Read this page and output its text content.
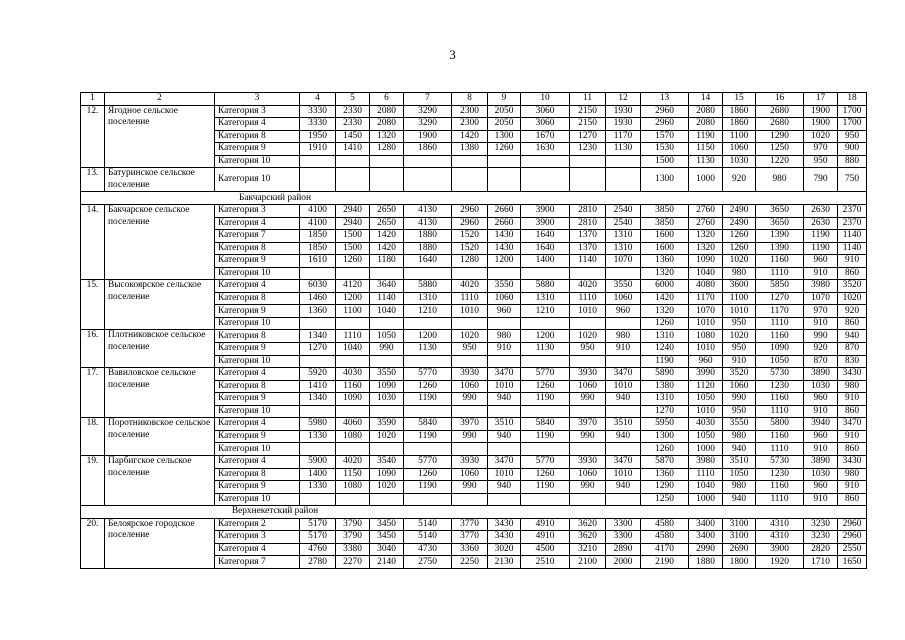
3
1	2	3	4	5	6	7	8	9	10	11	12	13	14	15	16	17	18
12.	Ягодное сельское поселение	Категория 3	3330	2330	2080	3290	2300	2050	3060	2150	1930	2960	2080	1860	2680	1900	1700
		Категория 4	3330	2330	2080	3290	2300	2050	3060	2150	1930	2960	2080	1860	2680	1900	1700
		Категория 8	1950	1450	1320	1900	1420	1300	1670	1270	1170	1570	1190	1100	1290	1020	950
		Категория 9	1910	1410	1280	1860	1380	1260	1630	1230	1130	1530	1150	1060	1250	970	900
		Категория 10										1500	1130	1030	1220	950	880
13.	Батуринское сельское поселение	Категория 10										1300	1000	920	980	790	750
		Бакчарский район															
14.	Бакчарское сельское поселение	Категория 3	4100	2940	2650	4130	2960	2660	3900	2810	2540	3850	2760	2490	3650	2630	2370
		Категория 4	4100	2940	2650	4130	2960	2660	3900	2810	2540	3850	2760	2490	3650	2630	2370
		Категория 7	1850	1500	1420	1880	1520	1430	1640	1370	1310	1600	1320	1260	1390	1190	1140
		Категория 8	1850	1500	1420	1880	1520	1430	1640	1370	1310	1600	1320	1260	1390	1190	1140
		Категория 9	1610	1260	1180	1640	1280	1200	1400	1140	1070	1360	1090	1020	1160	960	910
		Категория 10										1320	1040	980	1110	910	860
15.	Высокоярское сельское поселение	Категория 4	6030	4120	3640	5880	4020	3550	5880	4020	3550	6000	4080	3600	5850	3980	3520
		Категория 8	1460	1200	1140	1310	1110	1060	1310	1110	1060	1420	1170	1100	1270	1070	1020
		Категория 9	1360	1100	1040	1210	1010	960	1210	1010	960	1320	1070	1010	1170	970	920
		Категория 10										1260	1010	950	1110	910	860
16.	Плотниковское сельское поселение	Категория 8	1340	1110	1050	1200	1020	980	1200	1020	980	1310	1080	1020	1160	990	940
		Категория 9	1270	1040	990	1130	950	910	1130	950	910	1240	1010	950	1090	920	870
		Категория 10										1190	960	910	1050	870	830
17.	Вавиловское сельское поселение	Категория 4	5920	4030	3550	5770	3930	3470	5770	3930	3470	5890	3990	3520	5730	3890	3430
		Категория 8	1410	1160	1090	1260	1060	1010	1260	1060	1010	1380	1120	1060	1230	1030	980
		Категория 9	1340	1090	1030	1190	990	940	1190	990	940	1310	1050	990	1160	960	910
		Категория 10										1270	1010	950	1110	910	860
18.	Поротниковское сельское поселение	Категория 4	5980	4060	3590	5840	3970	3510	5840	3970	3510	5950	4030	3550	5800	3940	3470
		Категория 9	1330	1080	1020	1190	990	940	1190	990	940	1300	1050	980	1160	960	910
		Категория 10										1260	1000	940	1110	910	860
19.	Парбигское сельское поселение	Категория 4	5900	4020	3540	5770	3930	3470	5770	3930	3470	5870	3980	3510	5730	3890	3430
		Категория 8	1400	1150	1090	1260	1060	1010	1260	1060	1010	1360	1110	1050	1230	1030	980
		Категория 9	1330	1080	1020	1190	990	940	1190	990	940	1290	1040	980	1160	960	910
		Категория 10										1250	1000	940	1110	910	860
		Верхнекетский район															
20.	Белоярское городское поселение	Категория 2	5170	3790	3450	5140	3770	3430	4910	3620	3300	4580	3400	3100	4310	3230	2960
		Категория 3	5170	3790	3450	5140	3770	3430	4910	3620	3300	4580	3400	3100	4310	3230	2960
		Категория 4	4760	3380	3040	4730	3360	3020	4500	3210	2890	4170	2990	2690	3900	2820	2550
		Категория 7	2780	2270	2140	2750	2250	2130	2510	2100	2000	2190	1880	1800	1920	1710	1650
